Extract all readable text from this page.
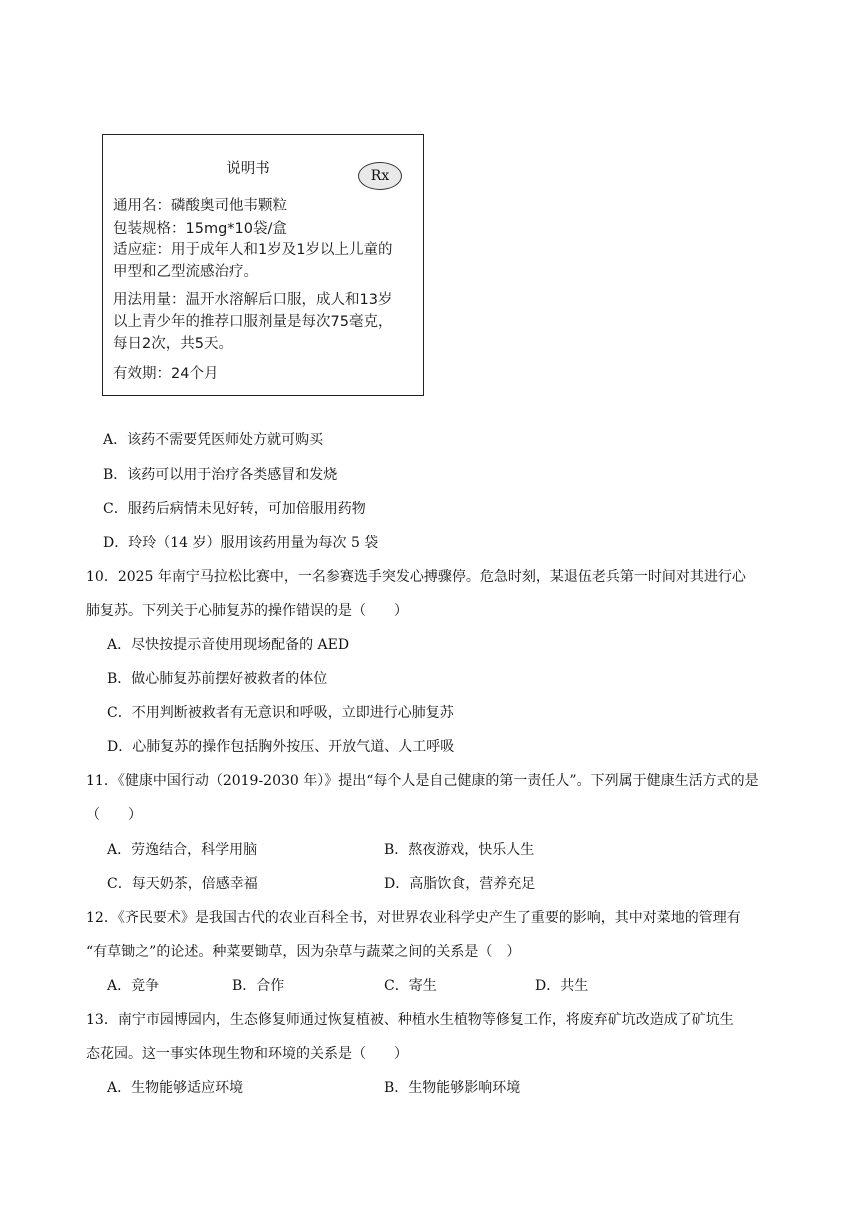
说明书	Rx
通用名：磷酸奥司他韦颗粒
包装规格：15mg*10袋/盒
适应症：用于成年人和1岁及1岁以上儿童的
甲型和乙型流感治疗。
用法用量：温开水溶解后口服，成人和13岁
以上青少年的推荐口服剂量是每次75毫克，
每日2次，共5天。
有效期：24个月
A．该药不需要凭医师处方就可购买
B．该药可以用于治疗各类感冒和发烧
C．服药后病情未见好转，可加倍服用药物
D．玲玲（14 岁）服用该药用量为每次 5 袋
10．2025 年南宁马拉松比赛中，一名参赛选手突发心搏骤停。危急时刻，某退伍老兵第一时间对其进行心
肺复苏。下列关于心肺复苏的操作错误的是（　　）
A．尽快按提示音使用现场配备的 AED
B．做心肺复苏前摆好被救者的体位
C．不用判断被救者有无意识和呼吸，立即进行心肺复苏
D．心肺复苏的操作包括胸外按压、开放气道、人工呼吸
11．《健康中国行动（2019-2030 年）》提出“每个人是自己健康的第一责任人”。下列属于健康生活方式的是
（　　）
A．劳逸结合，科学用脑	B．熬夜游戏，快乐人生
C．每天奶茶，倍感幸福	D．高脂饮食，营养充足
12．《齐民要术》是我国古代的农业百科全书，对世界农业科学史产生了重要的影响，其中对菜地的管理有
“有草锄之”的论述。种菜要锄草，因为杂草与蔬菜之间的关系是（　）
A．竞争	B．合作	C．寄生	D．共生
13．南宁市园博园内，生态修复师通过恢复植被、种植水生植物等修复工作，将废弃矿坑改造成了矿坑生
态花园。这一事实体现生物和环境的关系是（　　）
A．生物能够适应环境	B．生物能够影响环境
